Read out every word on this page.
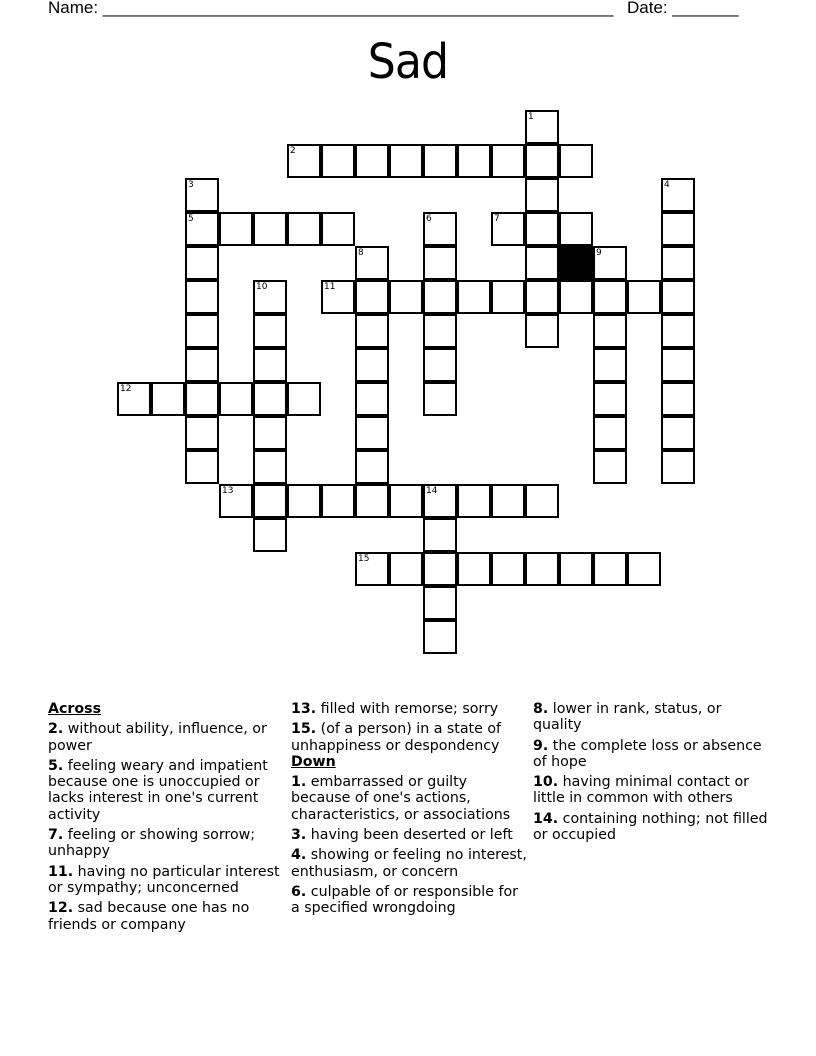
Name: ______________________________________________________

Date: _______

Sad
1
2
3
5
4
6	7
8	9
10	11
12
13	14
15
Across
2. without ability, influence, or power
5. feeling weary and impatient because one is unoccupied or lacks interest in one's current activity
7. feeling or showing sorrow; unhappy
11. having no particular interest or sympathy; unconcerned
12. sad because one has no friends or company
13. filled with remorse; sorry
15. (of a person) in a state of unhappiness or despondency
Down
1. embarrassed or guilty because of one's actions, characteristics, or associations
3. having been deserted or left
4. showing or feeling no interest, enthusiasm, or concern
6. culpable of or responsible for a specified wrongdoing
8. lower in rank, status, or quality
9. the complete loss or absence of hope
10. having minimal contact or little in common with others
14. containing nothing; not filled or occupied
